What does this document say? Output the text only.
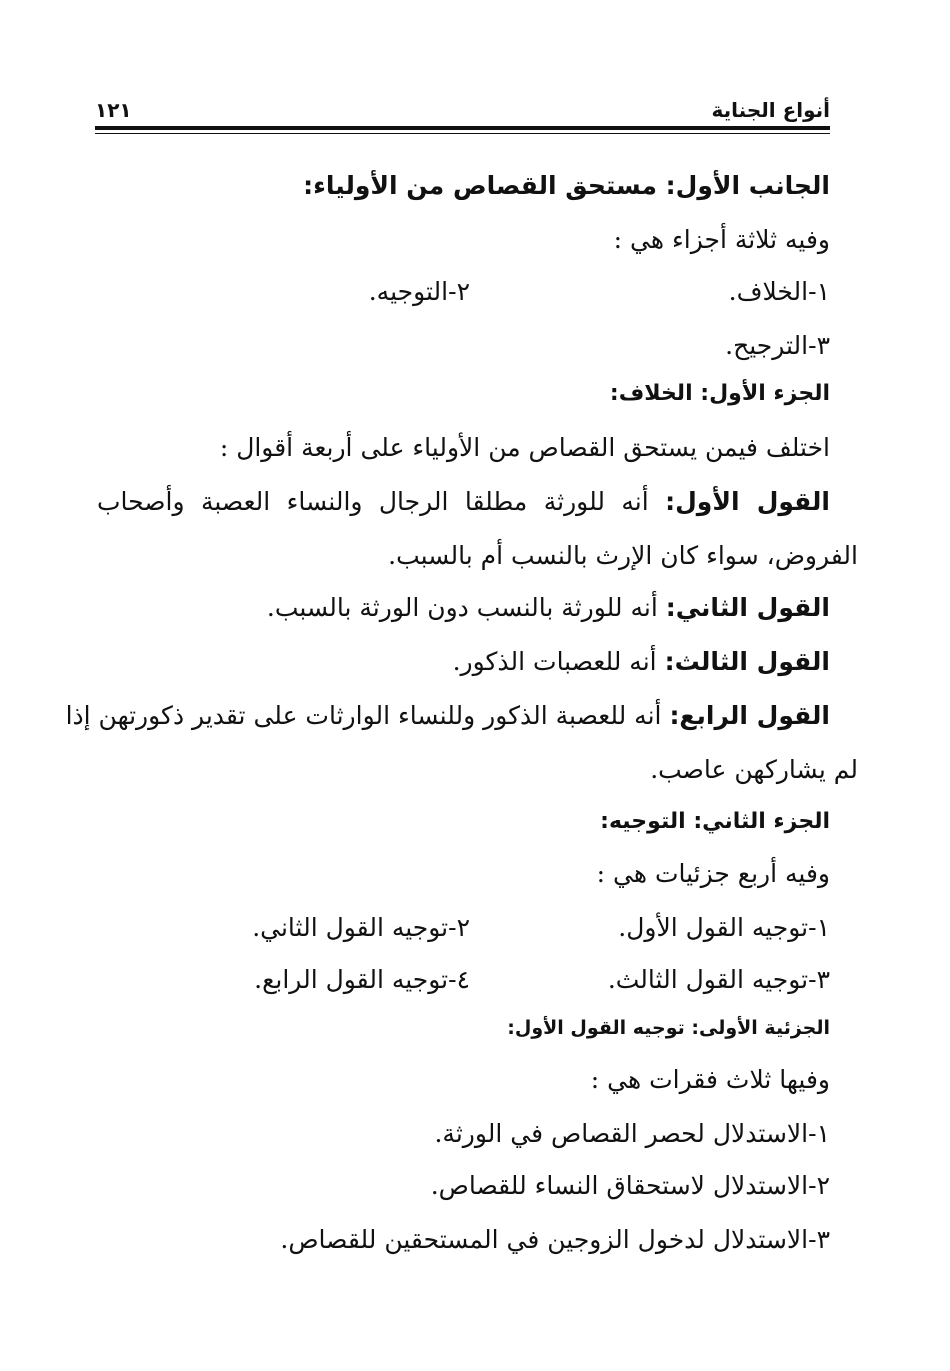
أنواع الجناية
١٢١
الجانب الأول: مستحق القصاص من الأولياء:
وفيه ثلاثة أجزاء هي :
١-الخلاف.
٢-التوجيه.
٣-الترجيح.
الجزء الأول: الخلاف:
اختلف فيمن يستحق القصاص من الأولياء على أربعة أقوال :
القول الأول: أنه للورثة مطلقا الرجال والنساء العصبة وأصحاب
الفروض، سواء كان الإرث بالنسب أم بالسبب.
القول الثاني: أنه للورثة بالنسب دون الورثة بالسبب.
القول الثالث: أنه للعصبات الذكور.
القول الرابع: أنه للعصبة الذكور وللنساء الوارثات على تقدير ذكورتهن إذا
لم يشاركهن عاصب.
الجزء الثاني: التوجيه:
وفيه أربع جزئيات هي :
١-توجيه القول الأول.
٢-توجيه القول الثاني.
٣-توجيه القول الثالث.
٤-توجيه القول الرابع.
الجزئية الأولى: توجيه القول الأول:
وفيها ثلاث فقرات هي :
١-الاستدلال لحصر القصاص في الورثة.
٢-الاستدلال لاستحقاق النساء للقصاص.
٣-الاستدلال لدخول الزوجين في المستحقين للقصاص.
